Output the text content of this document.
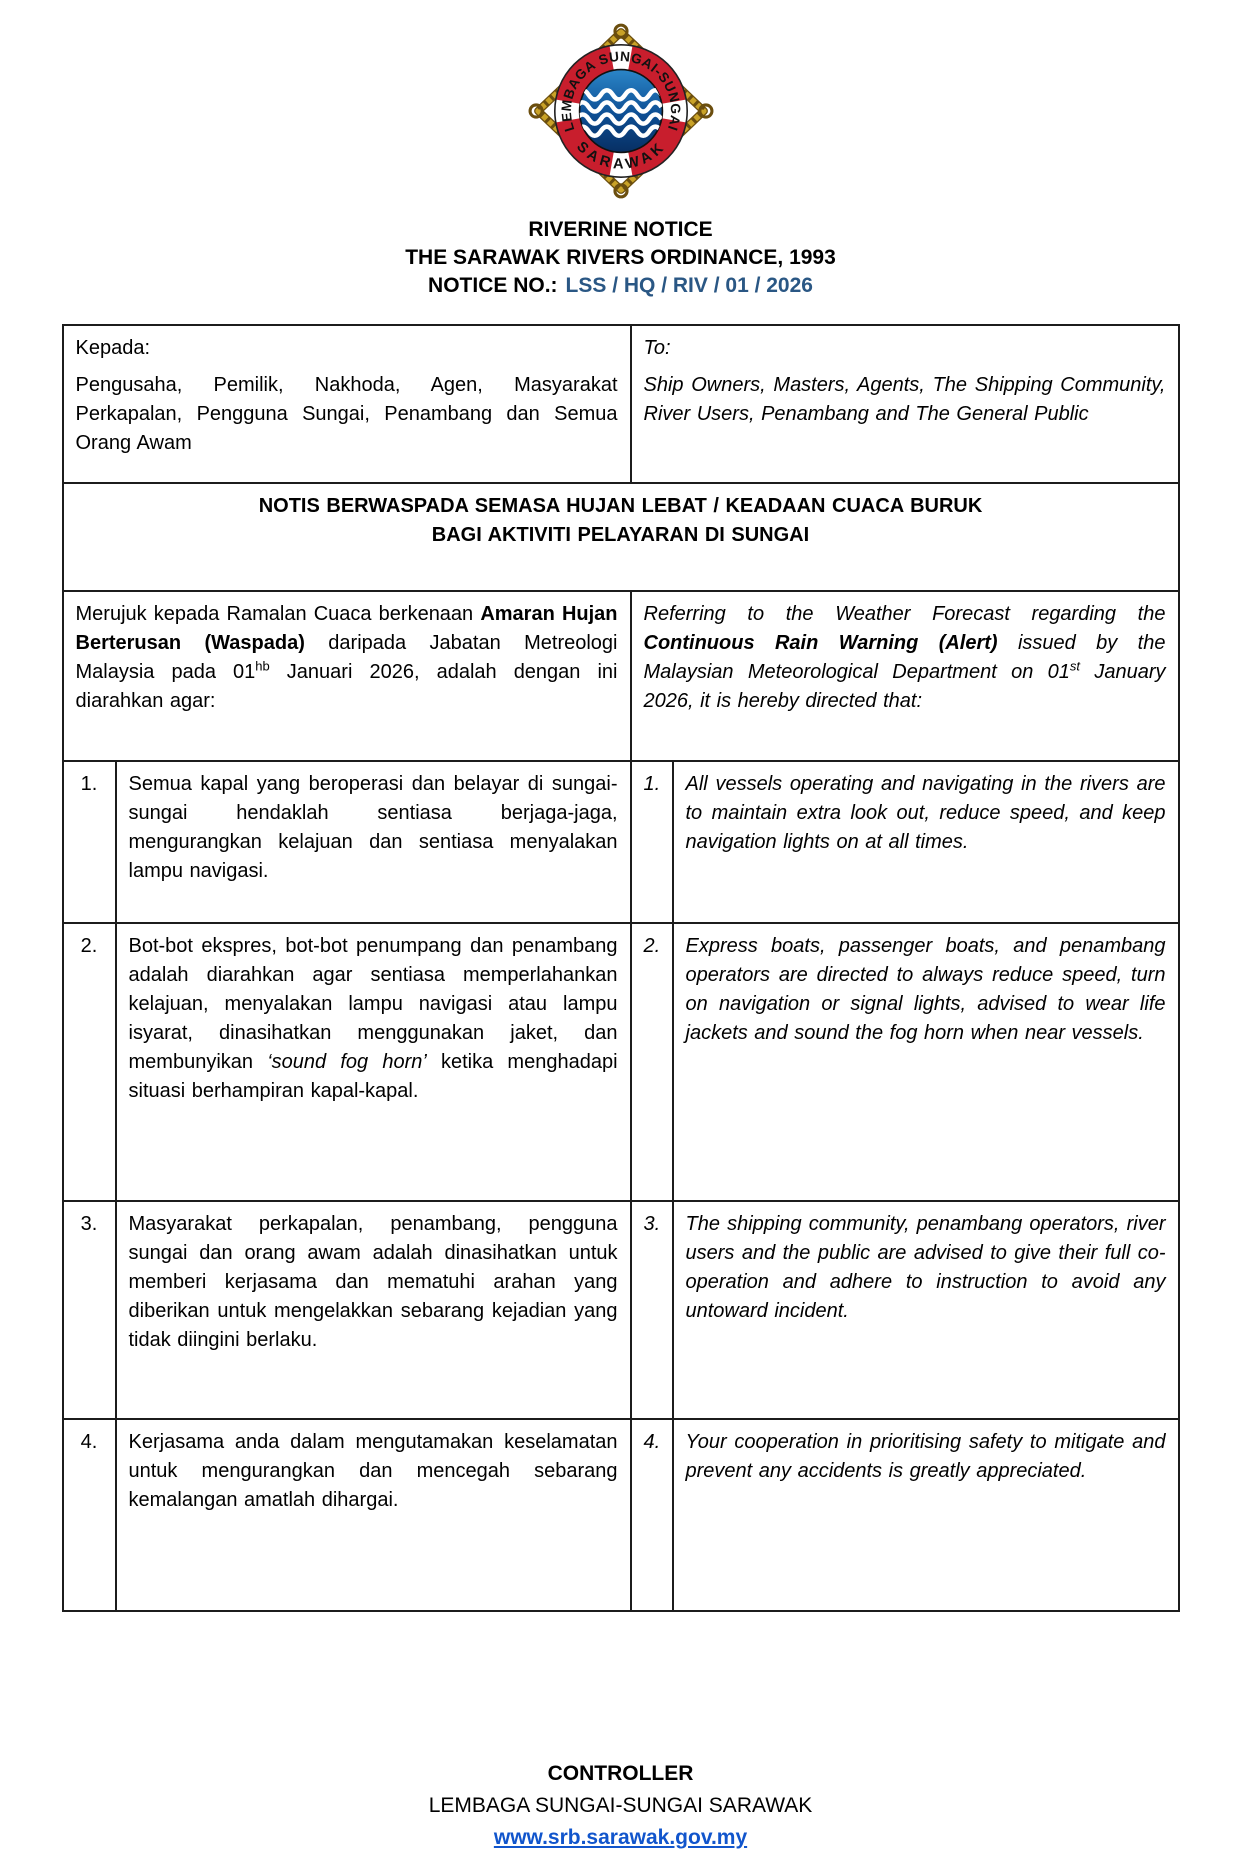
LEMBAGA SUNGAI-SUNGAI
SARAWAK
RIVERINE NOTICE
THE SARAWAK RIVERS ORDINANCE, 1993
NOTICE NO.: LSS / HQ / RIV / 01 / 2026
Kepada:
Pengusaha, Pemilik, Nakhoda, Agen, Masyarakat Perkapalan, Pengguna Sungai, Penambang dan Semua Orang Awam

To:
Ship Owners, Masters, Agents, The Shipping Community, River Users, Penambang and The General Public

NOTIS BERWASPADA SEMASA HUJAN LEBAT / KEADAAN CUACA BURUK
BAGI AKTIVITI PELAYARAN DI SUNGAI			

Merujuk kepada Ramalan Cuaca berkenaan Amaran Hujan Berterusan (Waspada) daripada Jabatan Metreologi Malaysia pada $01^{hb}$ Januari 2026, adalah dengan ini diarahkan agar:		Referring to the Weather Forecast regarding the Continuous Rain Warning (Alert) issued by the Malaysian Meteorological Department on 01st January 2026, it is hereby directed that:	
1.	Semua kapal yang beroperasi dan belayar di sungai-sungai hendaklah sentiasa berjaga-jaga, mengurangkan kelajuan dan sentiasa menyalakan lampu navigasi.	1.	All vessels operating and navigating in the rivers are to maintain extra look out, reduce speed, and keep navigation lights on at all times.
2.	Bot-bot ekspres, bot-bot penumpang dan penambang adalah diarahkan agar sentiasa memperlahankan kelajuan, menyalakan lampu navigasi atau lampu isyarat, dinasihatkan menggunakan jaket, dan membunyikan ‘sound fog horn’ ketika menghadapi situasi berhampiran kapal-kapal.	2.	Express boats, passenger boats, and penambang operators are directed to always reduce speed, turn on navigation or signal lights, advised to wear life jackets and sound the fog horn when near vessels.
3.	Masyarakat perkapalan, penambang, pengguna sungai dan orang awam adalah dinasihatkan untuk memberi kerjasama dan mematuhi arahan yang diberikan untuk mengelakkan sebarang kejadian yang tidak diingini berlaku.	3.	The shipping community, penambang operators, river users and the public are advised to give their full co-operation and adhere to instruction to avoid any untoward incident.
4.	Kerjasama anda dalam mengutamakan keselamatan untuk mengurangkan dan mencegah sebarang kemalangan amatlah dihargai.	4.	Your cooperation in prioritising safety to mitigate and prevent any accidents is greatly appreciated.
CONTROLLER
LEMBAGA SUNGAI-SUNGAI SARAWAK
www.srb.sarawak.gov.my
